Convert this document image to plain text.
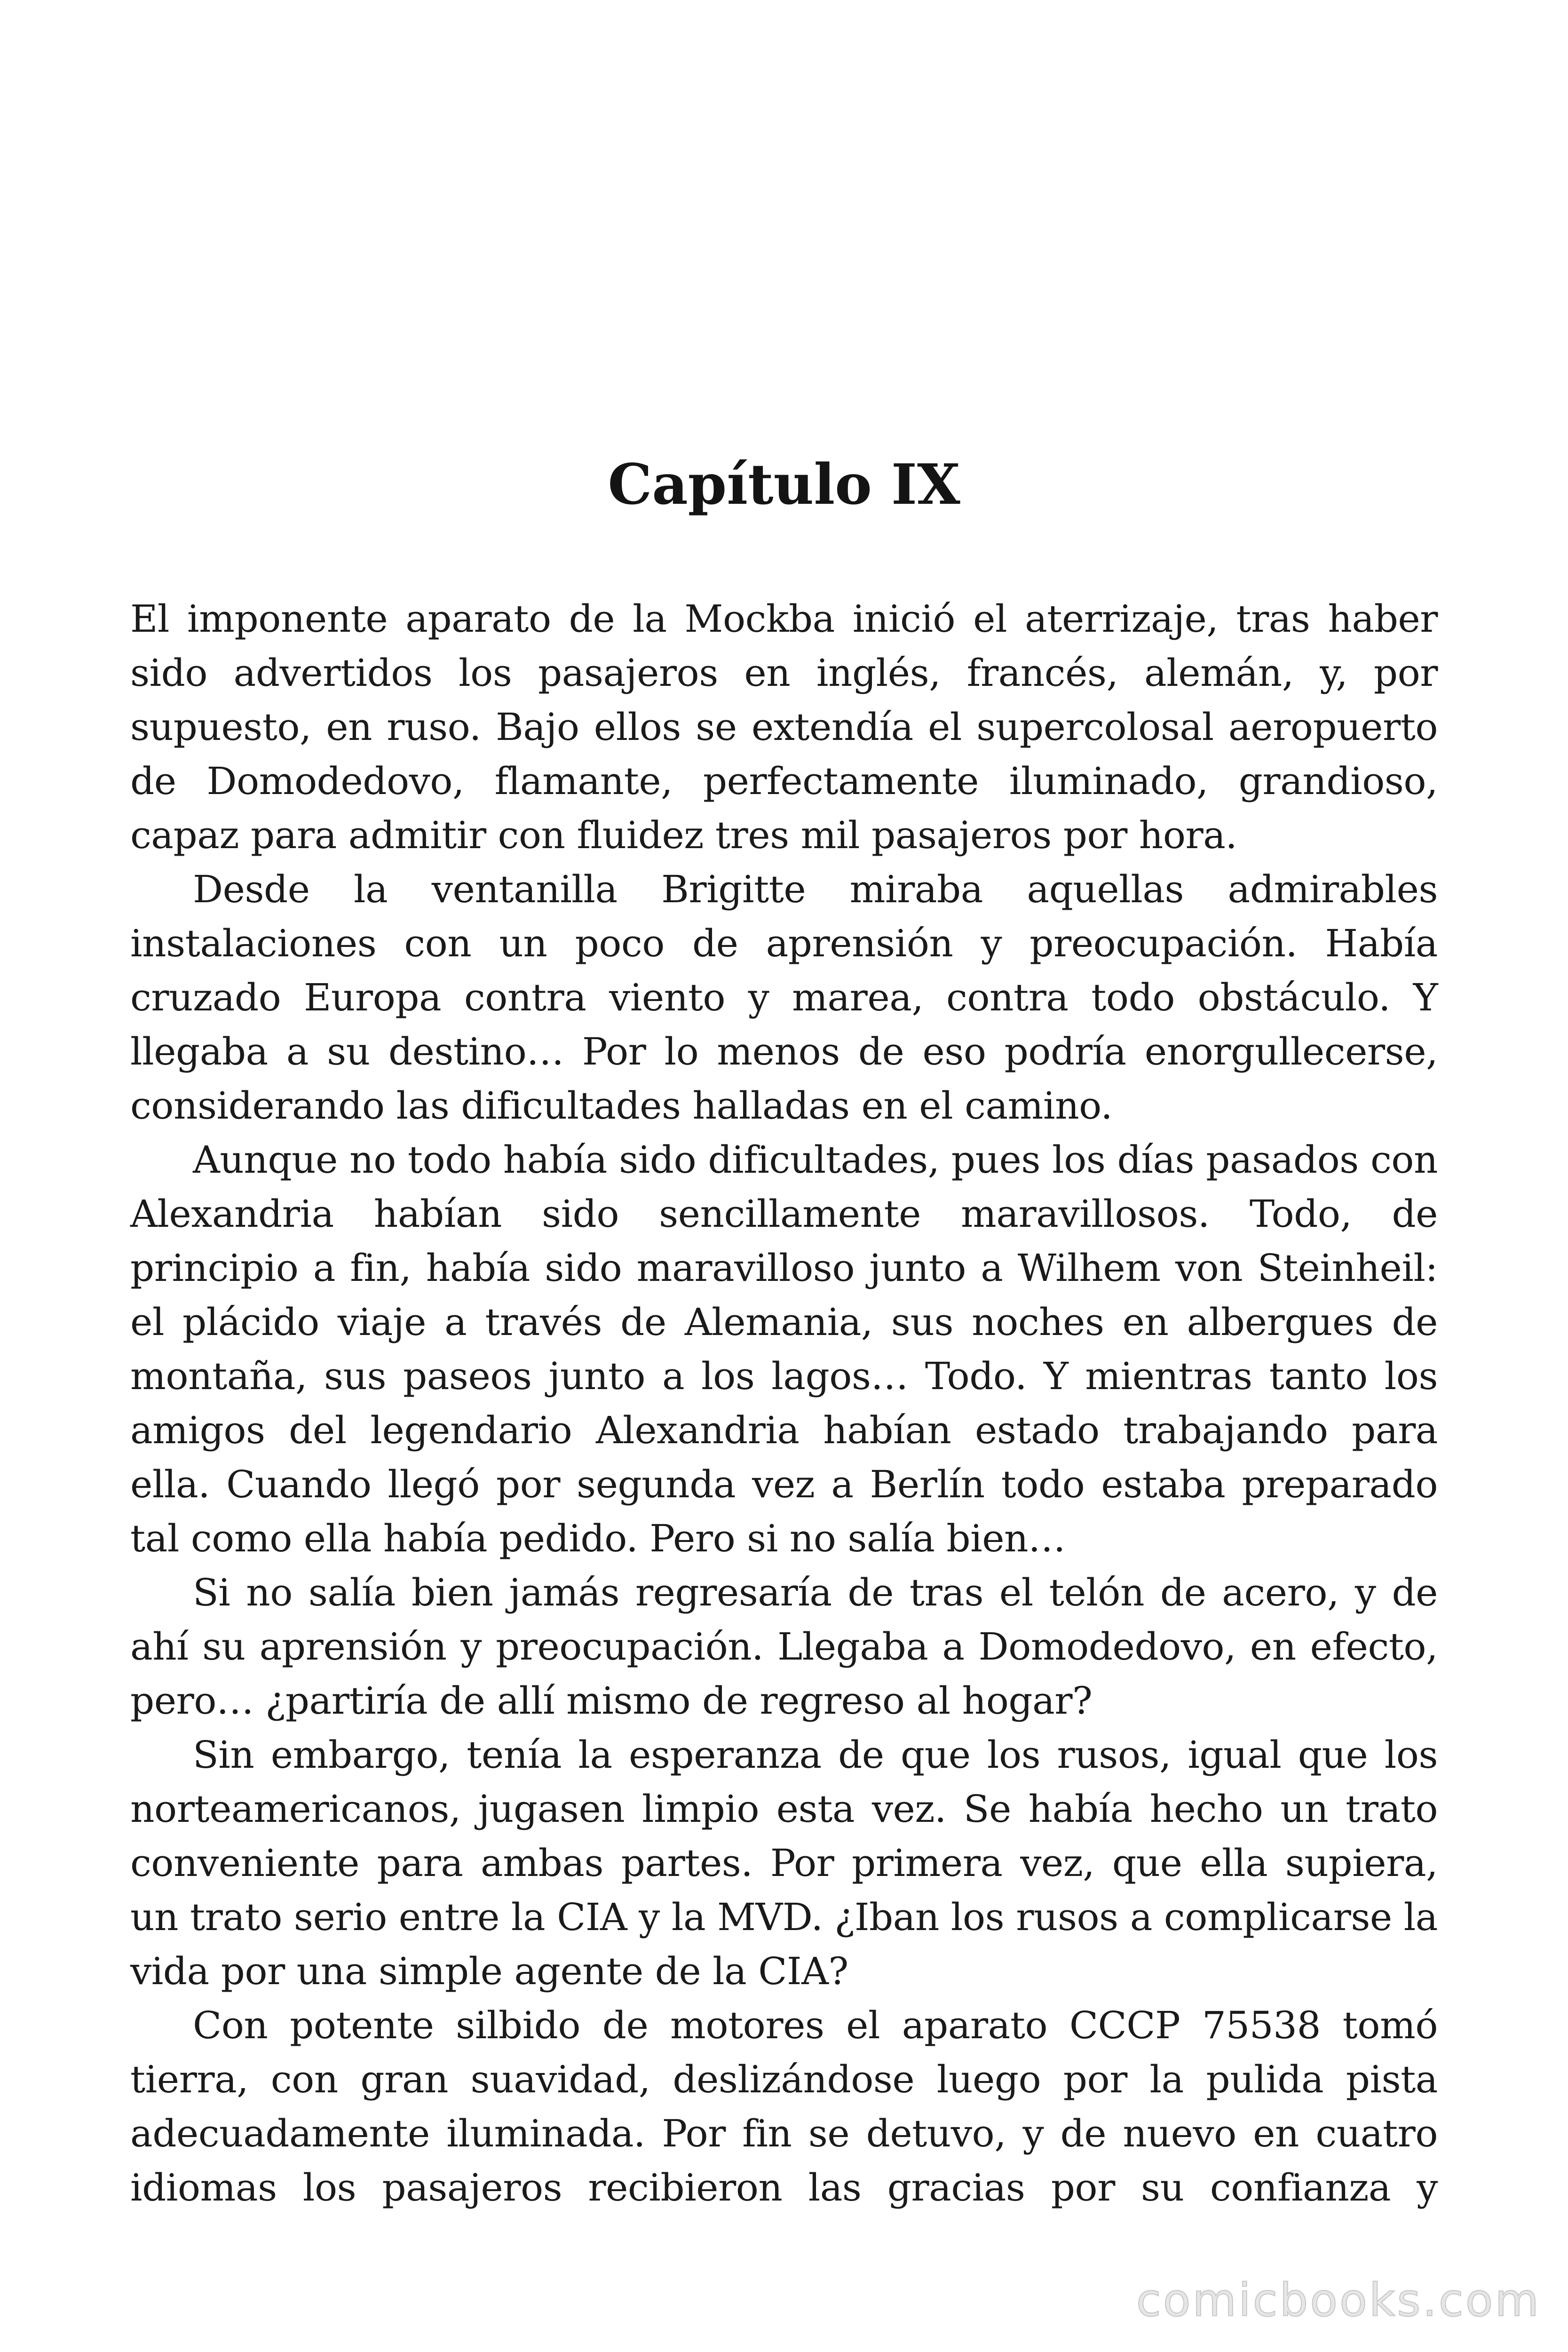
Capítulo IX

El imponente aparato de la Mockba inició el aterrizaje, tras haber sido advertidos los pasajeros en inglés, francés, alemán, y, por supuesto, en ruso. Bajo ellos se extendía el supercolosal aeropuerto de Domodedovo, flamante, perfectamente iluminado, grandioso, capaz para admitir con fluidez tres mil pasajeros por hora.

Desde la ventanilla Brigitte miraba aquellas admirables instalaciones con un poco de aprensión y preocupación. Había cruzado Europa contra viento y marea, contra todo obstáculo. Y llegaba a su destino… Por lo menos de eso podría enorgullecerse, considerando las dificultades halladas en el camino.

Aunque no todo había sido dificultades, pues los días pasados con Alexandria habían sido sencillamente maravillosos. Todo, de principio a fin, había sido maravilloso junto a Wilhem von Steinheil: el plácido viaje a través de Alemania, sus noches en albergues de montaña, sus paseos junto a los lagos… Todo. Y mientras tanto los amigos del legendario Alexandria habían estado trabajando para ella. Cuando llegó por segunda vez a Berlín todo estaba preparado tal como ella había pedido. Pero si no salía bien…

Si no salía bien jamás regresaría de tras el telón de acero, y de ahí su aprensión y preocupación. Llegaba a Domodedovo, en efecto, pero… ¿partiría de allí mismo de regreso al hogar?

Sin embargo, tenía la esperanza de que los rusos, igual que los norteamericanos, jugasen limpio esta vez. Se había hecho un trato conveniente para ambas partes. Por primera vez, que ella supiera, un trato serio entre la CIA y la MVD. ¿Iban los rusos a complicarse la vida por una simple agente de la CIA?

Con potente silbido de motores el aparato CCCP 75538 tomó tierra, con gran suavidad, deslizándose luego por la pulida pista adecuadamente iluminada. Por fin se detuvo, y de nuevo en cuatro idiomas los pasajeros recibieron las gracias por su confianza y

comicbooks.com
